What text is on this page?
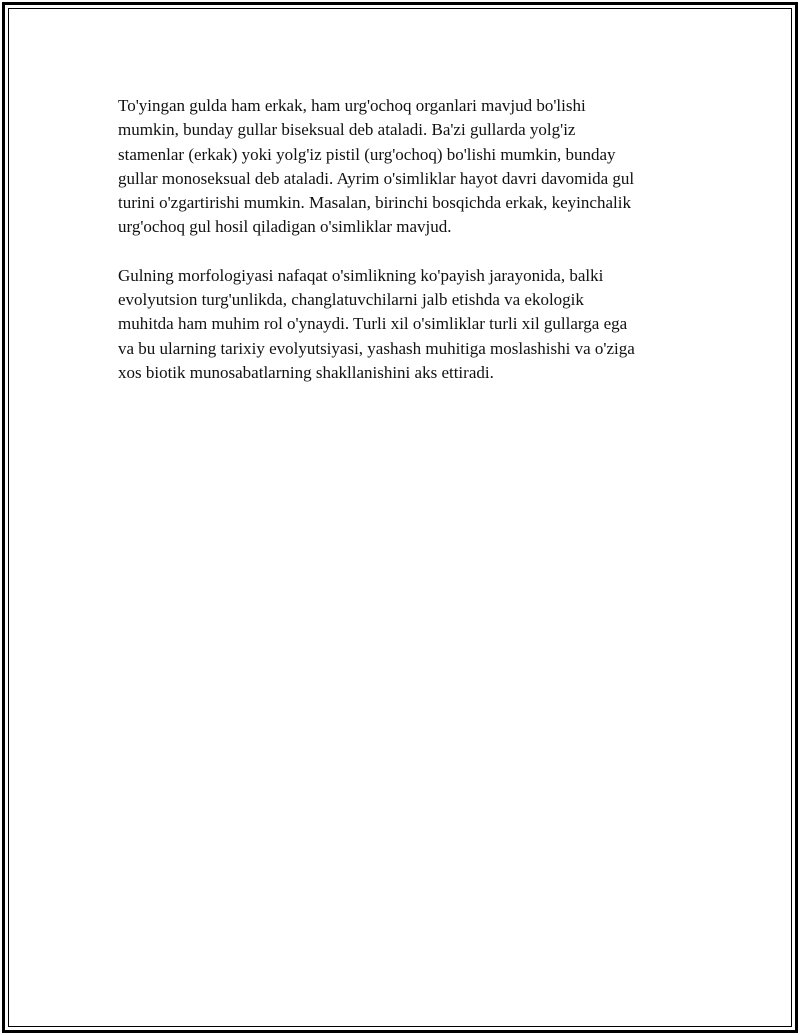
To'yingan gulda ham erkak, ham urg'ochoq organlari mavjud bo'lishi
mumkin, bunday gullar biseksual deb ataladi. Ba'zi gullarda yolg'iz
stamenlar (erkak) yoki yolg'iz pistil (urg'ochoq) bo'lishi mumkin, bunday
gullar monoseksual deb ataladi. Ayrim o'simliklar hayot davri davomida gul
turini o'zgartirishi mumkin. Masalan, birinchi bosqichda erkak, keyinchalik
urg'ochoq gul hosil qiladigan o'simliklar mavjud.

Gulning morfologiyasi nafaqat o'simlikning ko'payish jarayonida, balki
evolyutsion turg'unlikda, changlatuvchilarni jalb etishda va ekologik
muhitda ham muhim rol o'ynaydi. Turli xil o'simliklar turli xil gullarga ega
va bu ularning tarixiy evolyutsiyasi, yashash muhitiga moslashishi va o'ziga
xos biotik munosabatlarning shakllanishini aks ettiradi.
